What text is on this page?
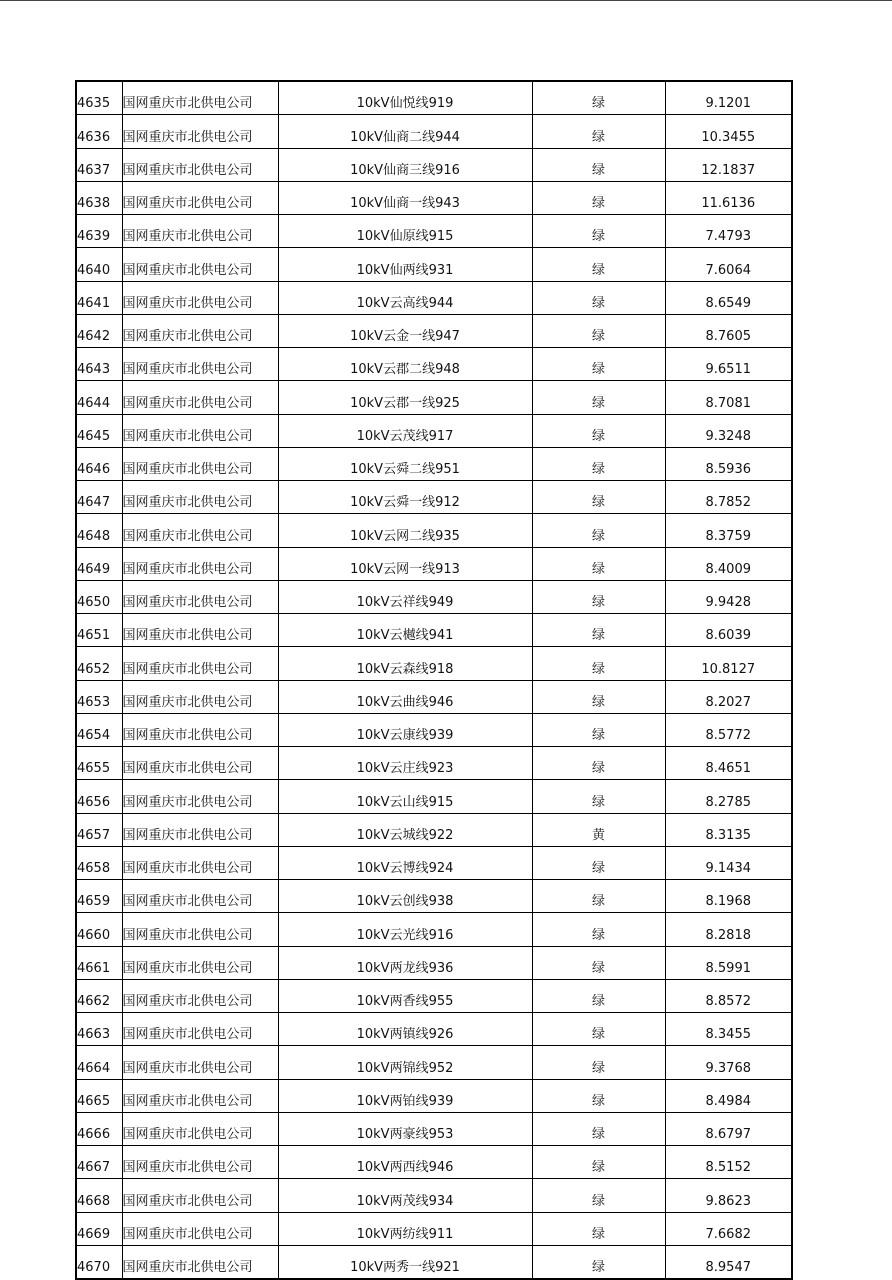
4635	国网重庆市北供电公司	10kV仙悦线919	绿	9.1201
4636	国网重庆市北供电公司	10kV仙商二线944	绿	10.3455
4637	国网重庆市北供电公司	10kV仙商三线916	绿	12.1837
4638	国网重庆市北供电公司	10kV仙商一线943	绿	11.6136
4639	国网重庆市北供电公司	10kV仙原线915	绿	7.4793
4640	国网重庆市北供电公司	10kV仙两线931	绿	7.6064
4641	国网重庆市北供电公司	10kV云高线944	绿	8.6549
4642	国网重庆市北供电公司	10kV云金一线947	绿	8.7605
4643	国网重庆市北供电公司	10kV云郡二线948	绿	9.6511
4644	国网重庆市北供电公司	10kV云郡一线925	绿	8.7081
4645	国网重庆市北供电公司	10kV云茂线917	绿	9.3248
4646	国网重庆市北供电公司	10kV云舜二线951	绿	8.5936
4647	国网重庆市北供电公司	10kV云舜一线912	绿	8.7852
4648	国网重庆市北供电公司	10kV云网二线935	绿	8.3759
4649	国网重庆市北供电公司	10kV云网一线913	绿	8.4009
4650	国网重庆市北供电公司	10kV云祥线949	绿	9.9428
4651	国网重庆市北供电公司	10kV云樾线941	绿	8.6039
4652	国网重庆市北供电公司	10kV云森线918	绿	10.8127
4653	国网重庆市北供电公司	10kV云曲线946	绿	8.2027
4654	国网重庆市北供电公司	10kV云康线939	绿	8.5772
4655	国网重庆市北供电公司	10kV云庄线923	绿	8.4651
4656	国网重庆市北供电公司	10kV云山线915	绿	8.2785
4657	国网重庆市北供电公司	10kV云城线922	黄	8.3135
4658	国网重庆市北供电公司	10kV云博线924	绿	9.1434
4659	国网重庆市北供电公司	10kV云创线938	绿	8.1968
4660	国网重庆市北供电公司	10kV云光线916	绿	8.2818
4661	国网重庆市北供电公司	10kV两龙线936	绿	8.5991
4662	国网重庆市北供电公司	10kV两香线955	绿	8.8572
4663	国网重庆市北供电公司	10kV两镇线926	绿	8.3455
4664	国网重庆市北供电公司	10kV两锦线952	绿	9.3768
4665	国网重庆市北供电公司	10kV两铂线939	绿	8.4984
4666	国网重庆市北供电公司	10kV两豪线953	绿	8.6797
4667	国网重庆市北供电公司	10kV两西线946	绿	8.5152
4668	国网重庆市北供电公司	10kV两茂线934	绿	9.8623
4669	国网重庆市北供电公司	10kV两纺线911	绿	7.6682
4670	国网重庆市北供电公司	10kV两秀一线921	绿	8.9547
